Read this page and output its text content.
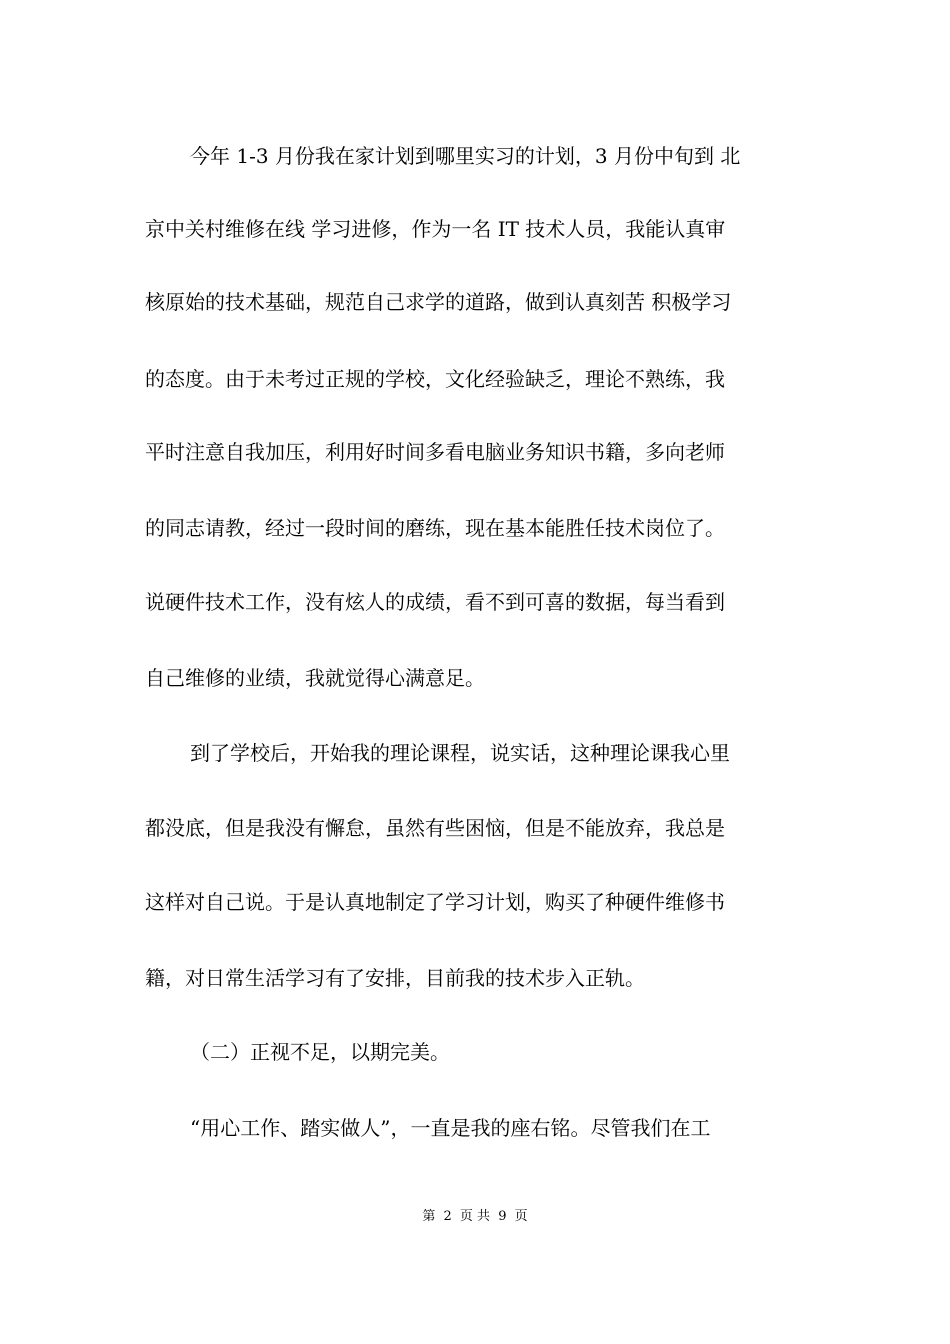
今年 1-3 月份我在家计划到哪里实习的计划，3 月份中旬到 北
京中关村维修在线 学习进修，作为一名 IT 技术人员，我能认真审
核原始的技术基础，规范自己求学的道路，做到认真刻苦 积极学习
的态度。由于未考过正规的学校，文化经验缺乏，理论不熟练，我
平时注意自我加压，利用好时间多看电脑业务知识书籍，多向老师
的同志请教，经过一段时间的磨练，现在基本能胜任技术岗位了。
说硬件技术工作，没有炫人的成绩，看不到可喜的数据，每当看到
自己维修的业绩，我就觉得心满意足。
到了学校后，开始我的理论课程，说实话，这种理论课我心里
都没底，但是我没有懈怠，虽然有些困恼，但是不能放弃，我总是
这样对自己说。于是认真地制定了学习计划，购买了种硬件维修书
籍，对日常生活学习有了安排，目前我的技术步入正轨。
（二）正视不足，以期完美。
“用心工作、踏实做人”，一直是我的座右铭。尽管我们在工
第 2 页 共 9 页
